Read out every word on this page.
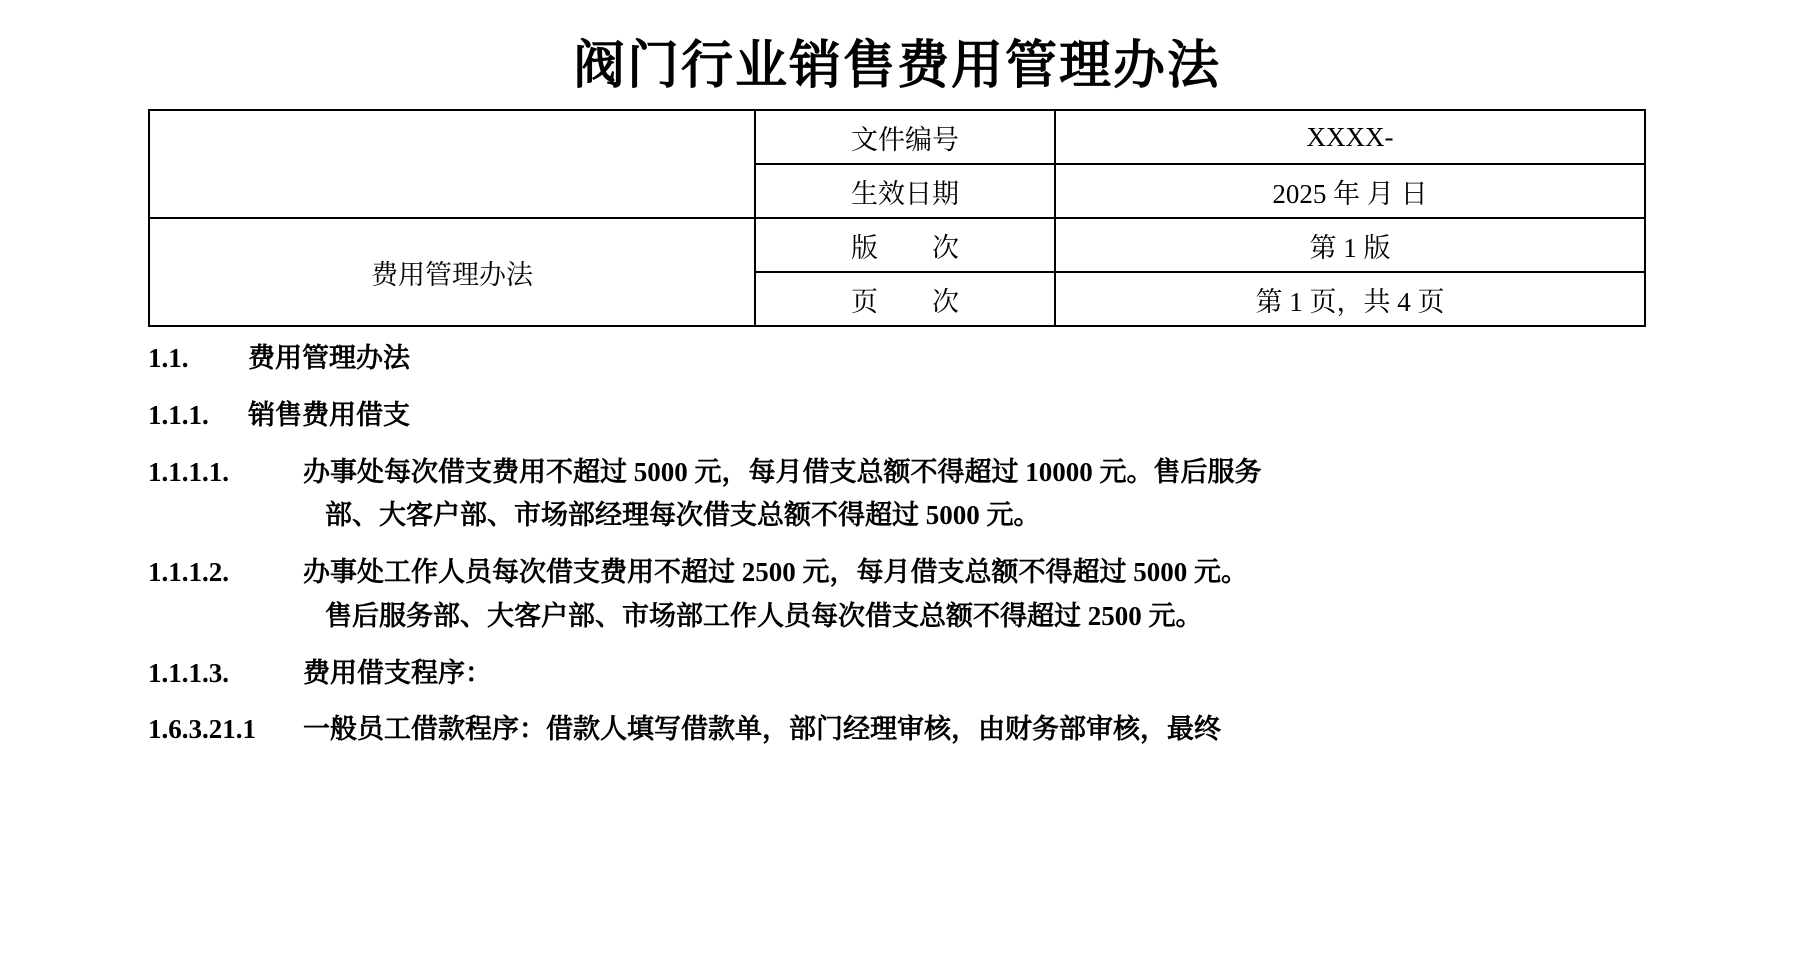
阀门行业销售费用管理办法
	文件编号	XXXX-
	生效日期	2025 年 月 日
费用管理办法	版　　次	第 1 版
	页　　次	第 1 页，共 4 页
1.1.	费用管理办法
1.1.1.	销售费用借支
1.1.1.1.	办事处每次借支费用不超过 5000 元，每月借支总额不得超过 10000 元。售后服务
部、大客户部、市场部经理每次借支总额不得超过 5000 元。
1.1.1.2.	办事处工作人员每次借支费用不超过 2500 元，每月借支总额不得超过 5000 元。
售后服务部、大客户部、市场部工作人员每次借支总额不得超过 2500 元。
1.1.1.3.	费用借支程序：
1.6.3.21.1	一般员工借款程序：借款人填写借款单，部门经理审核，由财务部审核，最终
